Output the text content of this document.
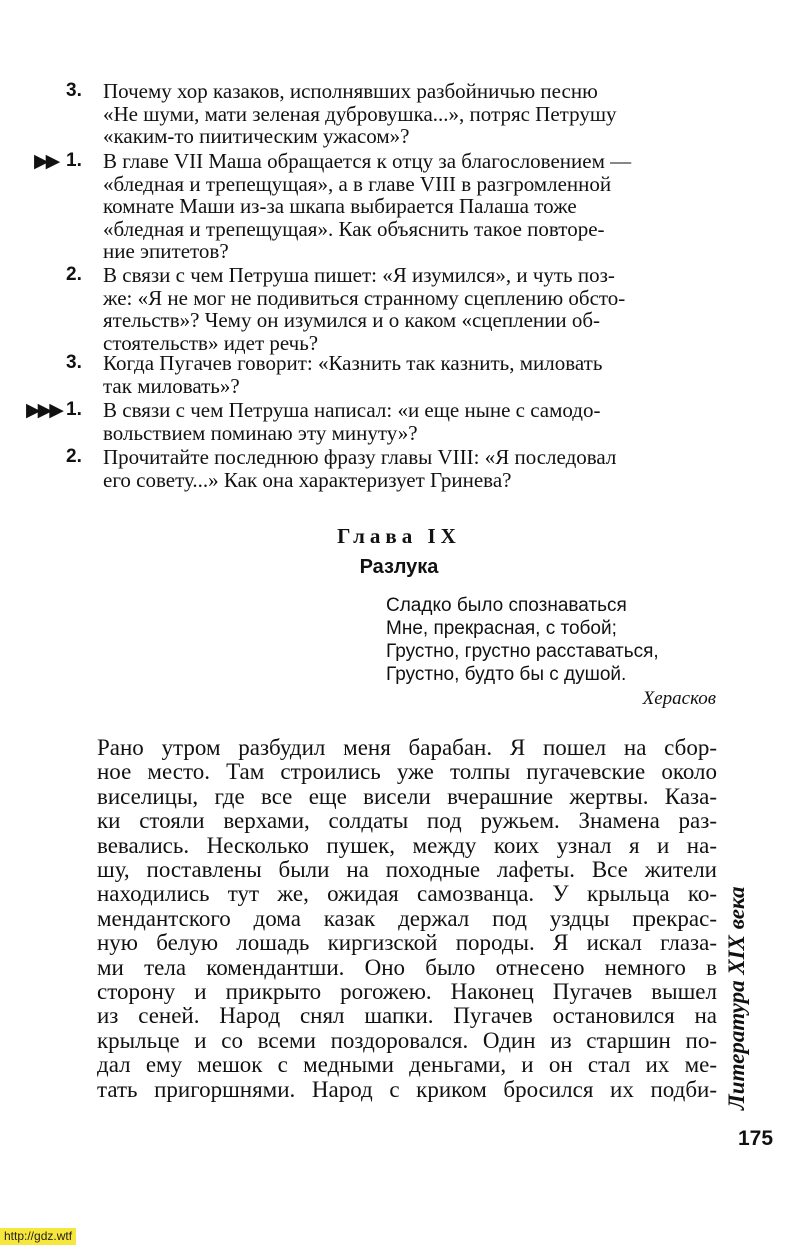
3. Почему хор казаков, исполнявших разбойничью песню
«Не шуми, мати зеленая дубровушка...», потряс Петрушу
«каким-то пиитическим ужасом»?
▶▶ 1. В главе VII Маша обращается к отцу за благословением —
«бледная и трепещущая», а в главе VIII в разгромленной
комнате Маши из-за шкапа выбирается Палаша тоже
«бледная и трепещущая». Как объяснить такое повторе-
ние эпитетов?
2. В связи с чем Петруша пишет: «Я изумился», и чуть поз-
же: «Я не мог не подивиться странному сцеплению обсто-
ятельств»? Чему он изумился и о каком «сцеплении об-
стоятельств» идет речь?
3. Когда Пугачев говорит: «Казнить так казнить, миловать
так миловать»?
▶▶▶ 1. В связи с чем Петруша написал: «и еще ныне с самодо-
вольствием поминаю эту минуту»?
2. Прочитайте последнюю фразу главы VIII: «Я последовал
его совету...» Как она характеризует Гринева?
Глава IX
Разлука
Сладко было спознаваться
Мне, прекрасная, с тобой;
Грустно, грустно расставаться,
Грустно, будто бы с душой.
Херасков
Рано утром разбудил меня барабан. Я пошел на сбор-
ное место. Там строились уже толпы пугачевские около
виселицы, где все еще висели вчерашние жертвы. Каза-
ки стояли верхами, солдаты под ружьем. Знамена раз-
вевались. Несколько пушек, между коих узнал я и на-
шу, поставлены были на походные лафеты. Все жители
находились тут же, ожидая самозванца. У крыльца ко-
мендантского дома казак держал под уздцы прекрас-
ную белую лошадь киргизской породы. Я искал глаза-
ми тела комендантши. Оно было отнесено немного в
сторону и прикрыто рогожею. Наконец Пугачев вышел
из сеней. Народ снял шапки. Пугачев остановился на
крыльце и со всеми поздоровался. Один из старшин по-
дал ему мешок с медными деньгами, и он стал их ме-
тать пригоршнями. Народ с криком бросился их подби- Литература XIX века
175
http://gdz.wtf
